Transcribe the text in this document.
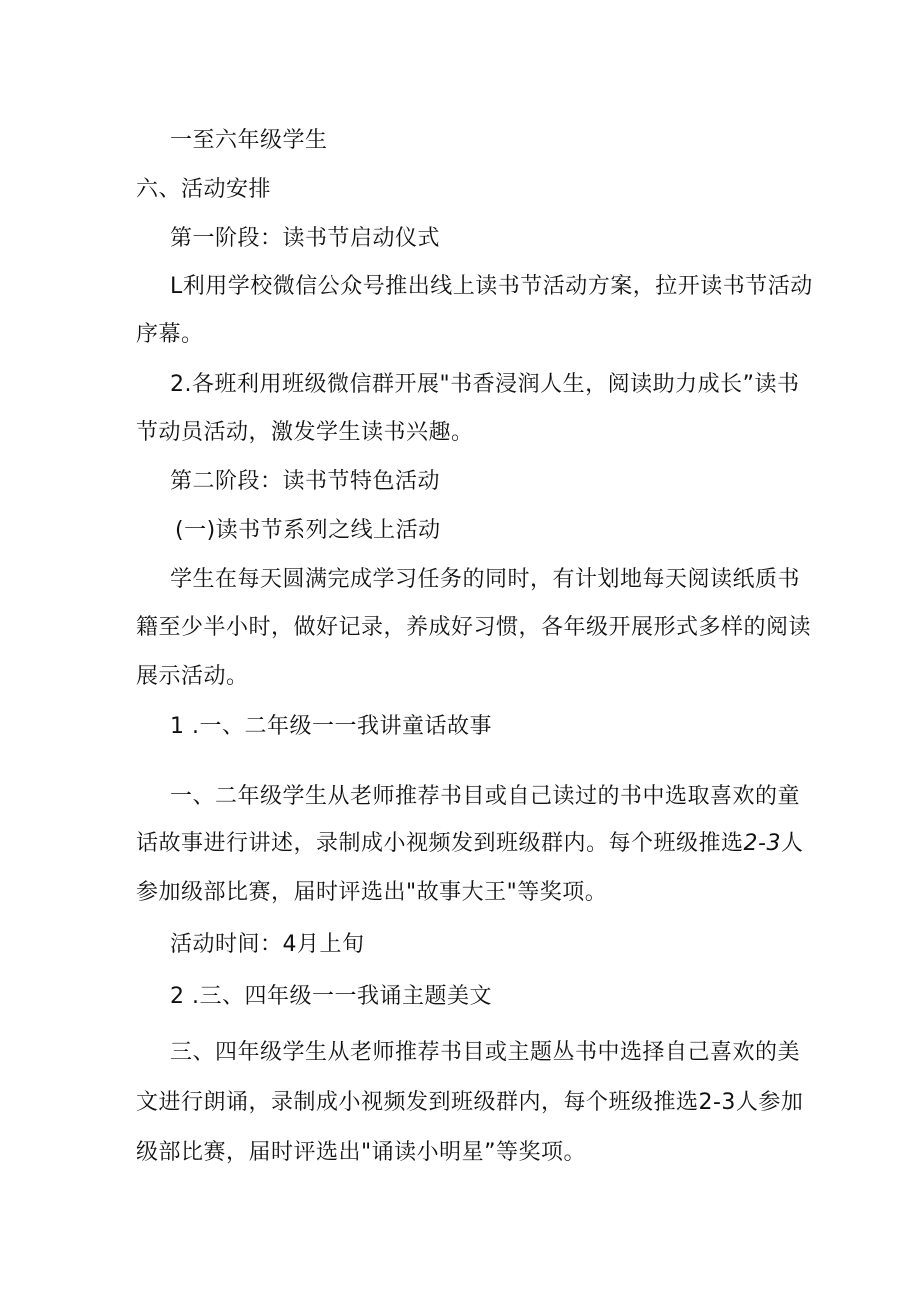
一至六年级学生
六、活动安排
第一阶段：读书节启动仪式
L利用学校微信公众号推出线上读书节活动方案，拉开读书节活动
序幕。
2.各班利用班级微信群开展"书香浸润人生，阅读助力成长”读书
节动员活动，激发学生读书兴趣。
第二阶段：读书节特色活动
(一)读书节系列之线上活动
学生在每天圆满完成学习任务的同时，有计划地每天阅读纸质书
籍至少半小时，做好记录，养成好习惯，各年级开展形式多样的阅读
展示活动。
1 .一、二年级一一我讲童话故事
一、二年级学生从老师推荐书目或自己读过的书中选取喜欢的童
话故事进行讲述，录制成小视频发到班级群内。每个班级推选2-3人
参加级部比赛，届时评选出"故事大王"等奖项。
活动时间：4月上旬
2 .三、四年级一一我诵主题美文
三、四年级学生从老师推荐书目或主题丛书中选择自己喜欢的美
文进行朗诵，录制成小视频发到班级群内，每个班级推选2-3人参加
级部比赛，届时评选出"诵读小明星”等奖项。
